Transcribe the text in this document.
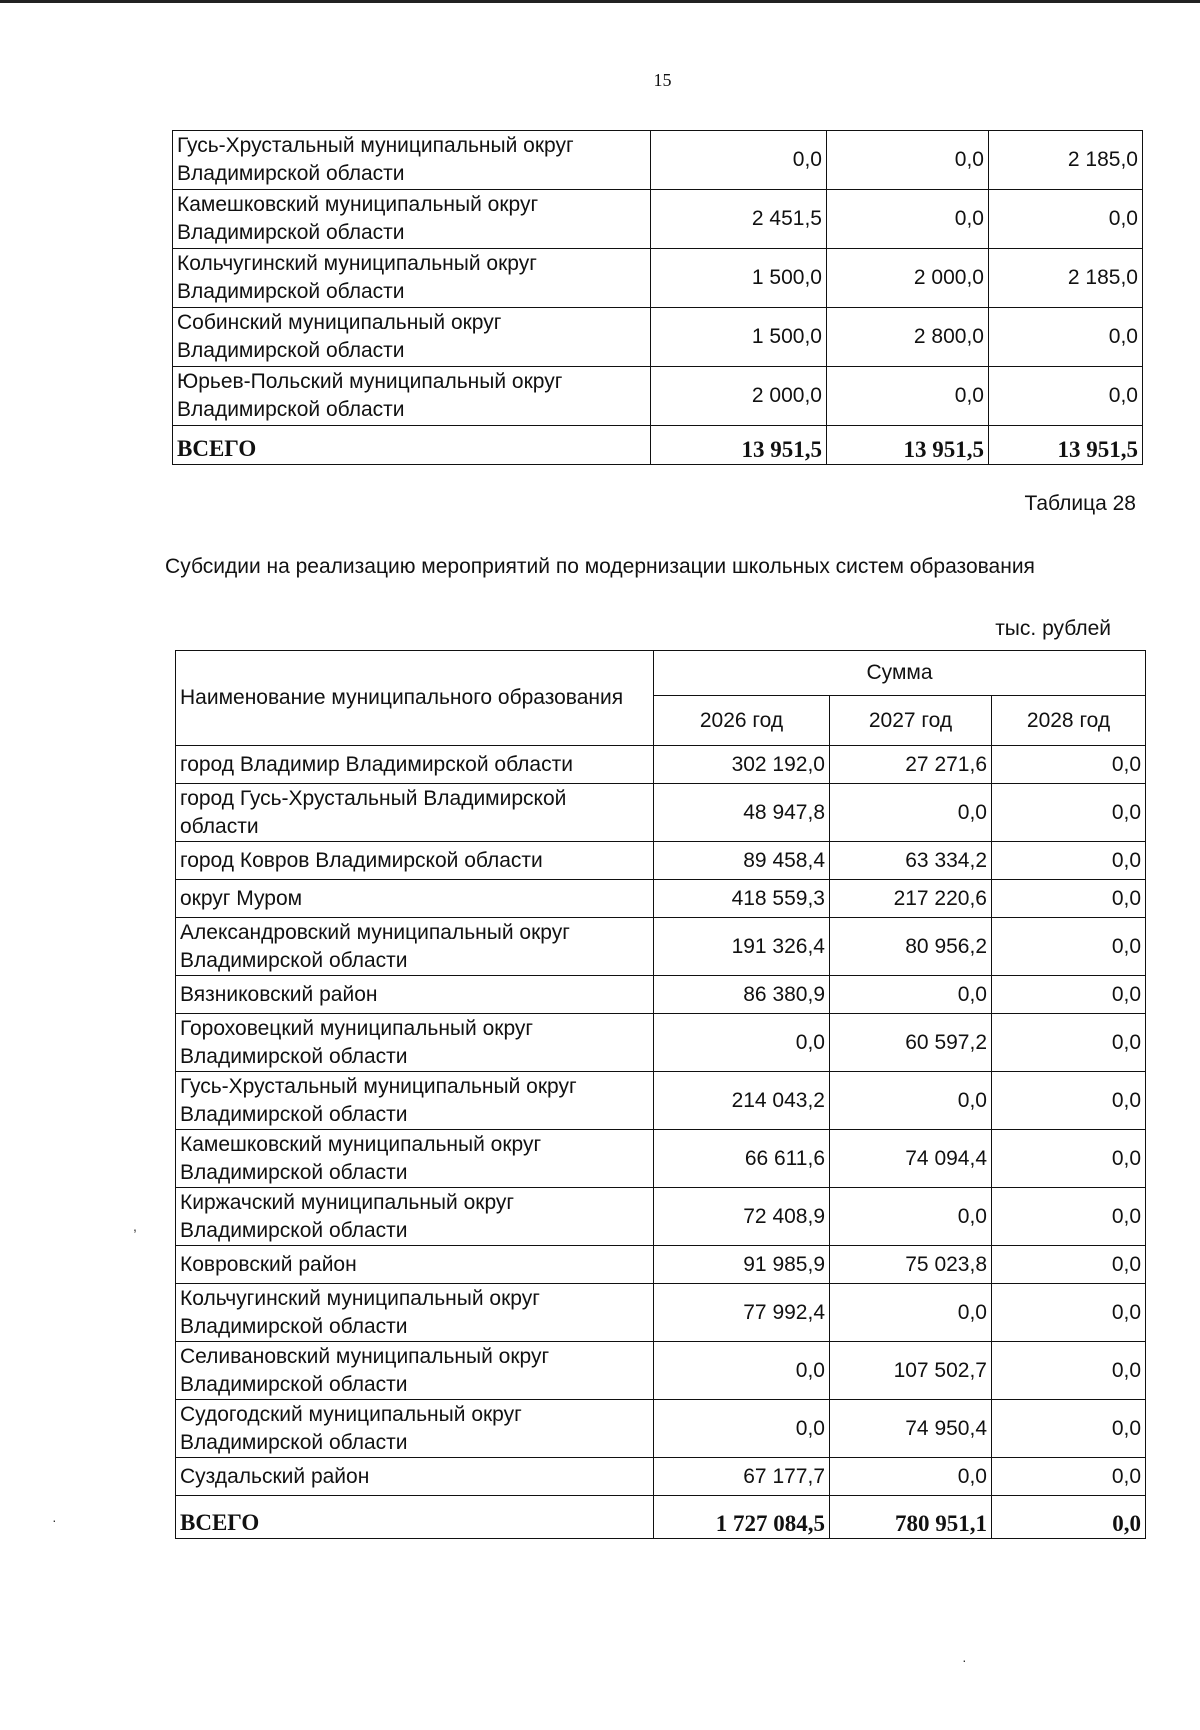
15
Гусь-Хрустальный муниципальный округ Владимирской области	0,0	0,0	2 185,0
Камешковский муниципальный округ Владимирской области	2 451,5	0,0	0,0
Кольчугинский муниципальный округ Владимирской области	1 500,0	2 000,0	2 185,0
Собинский муниципальный округ Владимирской области	1 500,0	2 800,0	0,0
Юрьев-Польский муниципальный округ Владимирской области	2 000,0	0,0	0,0
ВСЕГО	13 951,5	13 951,5	13 951,5
Таблица 28
Субсидии на реализацию мероприятий по модернизации школьных систем образования
тыс. рублей
Наименование муниципального образования	Сумма		
	2026 год	2027 год	2028 год
город Владимир Владимирской области	302 192,0	27 271,6	0,0
город Гусь-Хрустальный Владимирской области	48 947,8	0,0	0,0
город Ковров Владимирской области	89 458,4	63 334,2	0,0
округ Муром	418 559,3	217 220,6	0,0
Александровский муниципальный округ Владимирской области	191 326,4	80 956,2	0,0
Вязниковский район	86 380,9	0,0	0,0
Гороховецкий муниципальный округ Владимирской области	0,0	60 597,2	0,0
Гусь-Хрустальный муниципальный округ Владимирской области	214 043,2	0,0	0,0
Камешковский муниципальный округ Владимирской области	66 611,6	74 094,4	0,0
Киржачский муниципальный округ Владимирской области	72 408,9	0,0	0,0
Ковровский район	91 985,9	75 023,8	0,0
Кольчугинский муниципальный округ Владимирской области	77 992,4	0,0	0,0
Селивановский муниципальный округ Владимирской области	0,0	107 502,7	0,0
Судогодский муниципальный округ Владимирской области	0,0	74 950,4	0,0
Суздальский район	67 177,7	0,0	0,0
ВСЕГО	1 727 084,5	780 951,1	0,0
,
·
·
